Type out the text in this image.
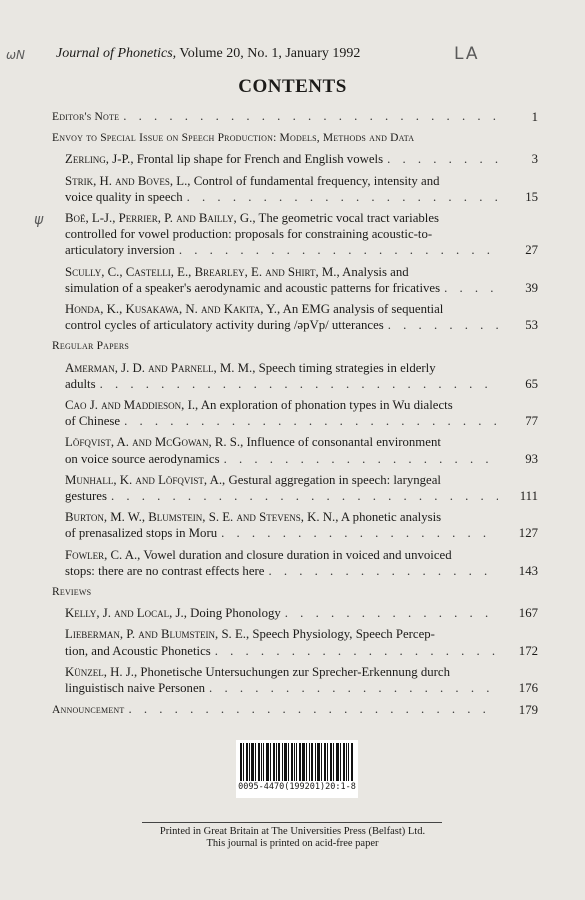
ωΝ	LA
ψ
Journal of Phonetics, Volume 20, No. 1, January 1992
CONTENTS
Editor's Note . . .	1
Envoy to Special Issue on Speech Production: Models, Methods and Data
Zerling, J-P., Frontal lip shape for French and English vowels . . .	3
Strik, H. and Boves, L., Control of fundamental frequency, intensity and
voice quality in speech . . .	15
Boë, L-J., Perrier, P. and Bailly, G., The geometric vocal tract variables
controlled for vowel production: proposals for constraining acoustic-to-
articulatory inversion . . .	27
Scully, C., Castelli, E., Brearley, E. and Shirt, M., Analysis and
simulation of a speaker's aerodynamic and acoustic patterns for fricatives . . .	39
Honda, K., Kusakawa, N. and Kakita, Y., An EMG analysis of sequential
control cycles of articulatory activity during /əpVp/ utterances . . .	53
Regular Papers
Amerman, J. D. and Parnell, M. M., Speech timing strategies in elderly
adults . . .	65
Cao J. and Maddieson, I., An exploration of phonation types in Wu dialects
of Chinese . . .	77
Löfqvist, A. and McGowan, R. S., Influence of consonantal environment
on voice source aerodynamics . . .	93
Munhall, K. and Löfqvist, A., Gestural aggregation in speech: laryngeal
gestures . . .	111
Burton, M. W., Blumstein, S. E. and Stevens, K. N., A phonetic analysis
of prenasalized stops in Moru . . .	127
Fowler, C. A., Vowel duration and closure duration in voiced and unvoiced
stops: there are no contrast effects here . . .	143
Reviews
Kelly, J. and Local, J., Doing Phonology . . .	167
Lieberman, P. and Blumstein, S. E., Speech Physiology, Speech Percep-
tion, and Acoustic Phonetics . . .	172
Künzel, H. J., Phonetische Untersuchungen zur Sprecher-Erkennung durch
linguistisch naive Personen . . .	176
Announcement . . .	179
0095-4470(199201)20:1-8
Printed in Great Britain at The Universities Press (Belfast) Ltd.
This journal is printed on acid-free paper
